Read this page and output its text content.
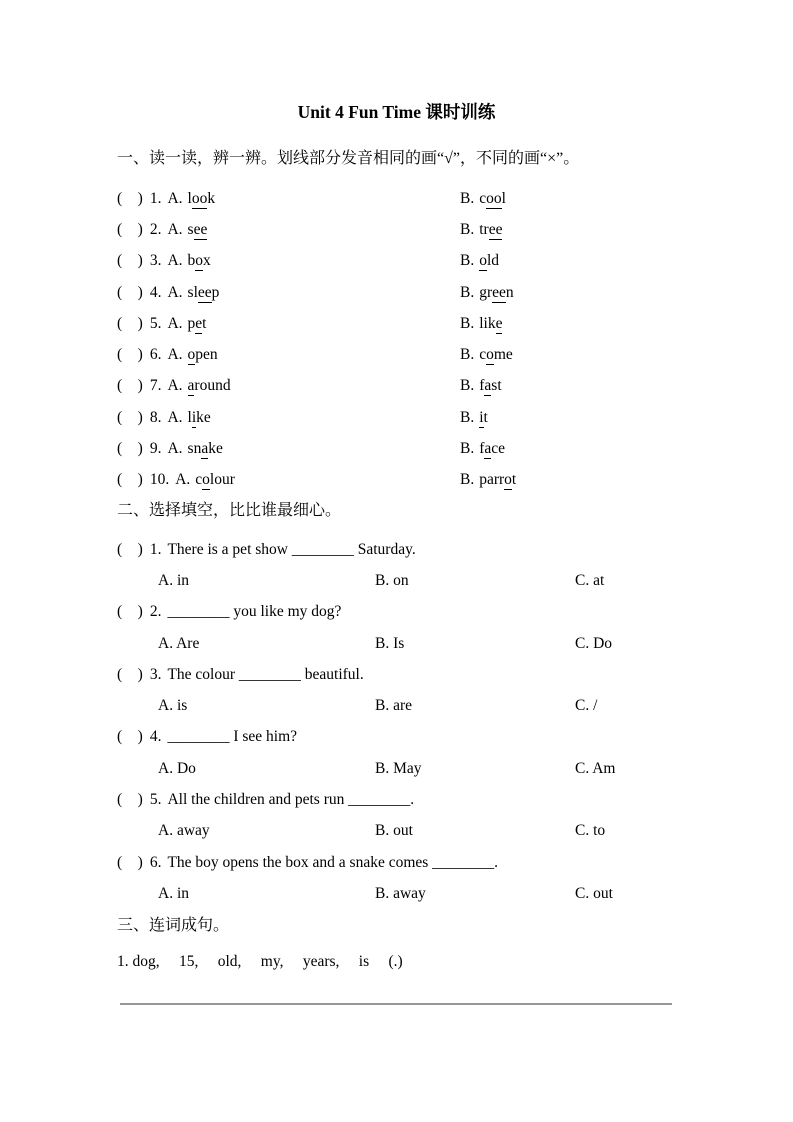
Unit 4 Fun Time 课时训练
一、读一读，辨一辨。划线部分发音相同的画“√”，不同的画“×”。
(    ) 1. A. look	B. cool
(    ) 2. A. see	B. tree
(    ) 3. A. box	B. old
(    ) 4. A. sleep	B. green
(    ) 5. A. pet	B. like
(    ) 6. A. open	B. come
(    ) 7. A. around	B. fast
(    ) 8. A. like	B. it
(    ) 9. A. snake	B. face
(    ) 10. A. colour	B. parrot
二、选择填空，比比谁最细心。
(    ) 1. There is a pet show ________ Saturday.
A. in	B. on	C. at
(    ) 2. ________ you like my dog?
A. Are	B. Is	C. Do
(    ) 3. The colour ________ beautiful.
A. is	B. are	C. /
(    ) 4. ________ I see him?
A. Do	B. May	C. Am
(    ) 5. All the children and pets run ________.
A. away	B. out	C. to
(    ) 6. The boy opens the box and a snake comes ________.
A. in	B. away	C. out
三、连词成句。
1. dog,     15,     old,     my,     years,     is     (.)
